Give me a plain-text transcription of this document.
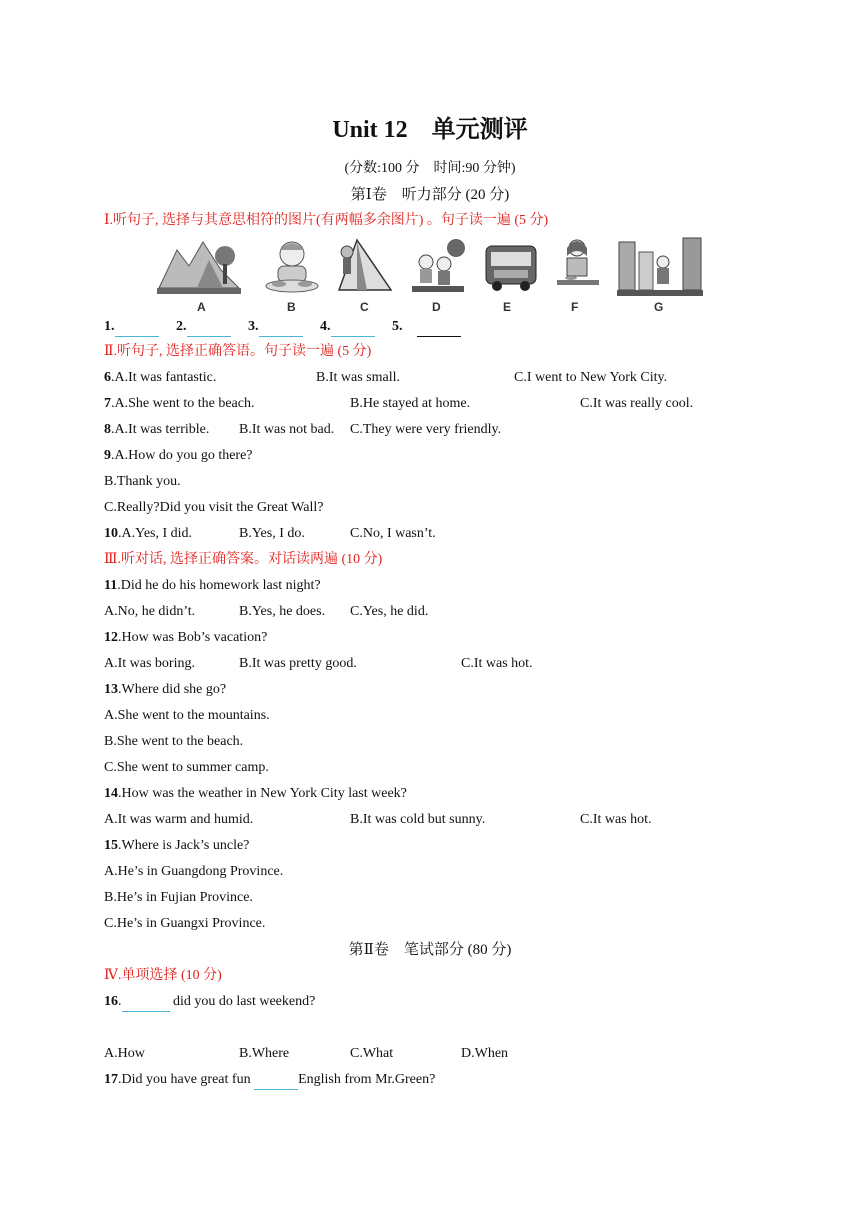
Unit 12　单元测评
(分数:100 分　时间:90 分钟)
第Ⅰ卷　听力部分 (20 分)
Ⅰ.听句子, 选择与其意思相符的图片(有两幅多余图片) 。句子读一遍 (5 分)
A	B	C	D	E	F	G
1.	2.	3.	4.	5.
Ⅱ.听句子, 选择正确答语。句子读一遍 (5 分)
6.A.It was fantastic.	B.It was small.	C.I went to New York City.
7.A.She went to the beach.	B.He stayed at home.	C.It was really cool.
8.A.It was terrible. B.It was not bad. C.They were very friendly.
9.A.How do you go there?
B.Thank you.
C.Really?Did you visit the Great Wall?
10.A.Yes, I did.	B.Yes, I do.	C.No, I wasn’t.
Ⅲ.听对话, 选择正确答案。对话读两遍 (10 分)
11.Did he do his homework last night?
A.No, he didn’t.	B.Yes, he does. C.Yes, he did.
12.How was Bob’s vacation?
A.It was boring.	B.It was pretty good.	C.It was hot.
13.Where did she go?
A.She went to the mountains.
B.She went to the beach.
C.She went to summer camp.
14.How was the weather in New York City last week?
A.It was warm and humid.	B.It was cold but sunny.	C.It was hot.
15.Where is Jack’s uncle?
A.He’s in Guangdong Province.
B.He’s in Fujian Province.
C.He’s in Guangxi Province.
第Ⅱ卷　笔试部分 (80 分)
Ⅳ.单项选择 (10 分)
16.	did you do last weekend?
A.How	B.Where	C.What	D.When
17.Did you have great fun	English from Mr.Green?
